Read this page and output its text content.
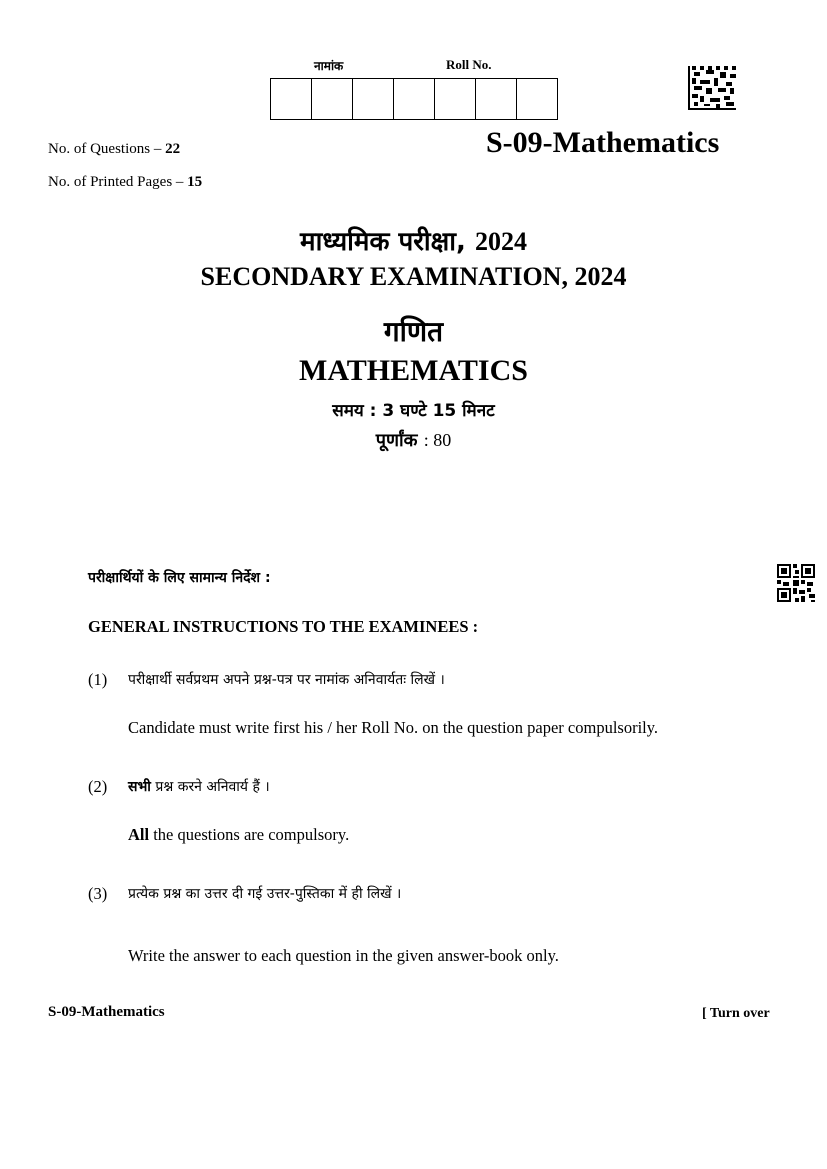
नामांक	Roll No.
No. of Questions – 22
No. of Printed Pages – 15
S-09-Mathematics
माध्यमिक परीक्षा, 2024
SECONDARY EXAMINATION, 2024
गणित
MATHEMATICS
समय : 3 घण्टे 15 मिनट
पूर्णांक : 80
परीक्षार्थियों के लिए सामान्य निर्देश :
GENERAL INSTRUCTIONS TO THE EXAMINEES :
(1) परीक्षार्थी सर्वप्रथम अपने प्रश्न-पत्र पर नामांक अनिवार्यतः लिखें ।
Candidate must write first his / her Roll No. on the question paper compulsorily.
(2) सभी प्रश्न करने अनिवार्य हैं ।
All the questions are compulsory.
(3) प्रत्येक प्रश्न का उत्तर दी गई उत्तर-पुस्तिका में ही लिखें ।
Write the answer to each question in the given answer-book only.
S-09-Mathematics	[ Turn over
